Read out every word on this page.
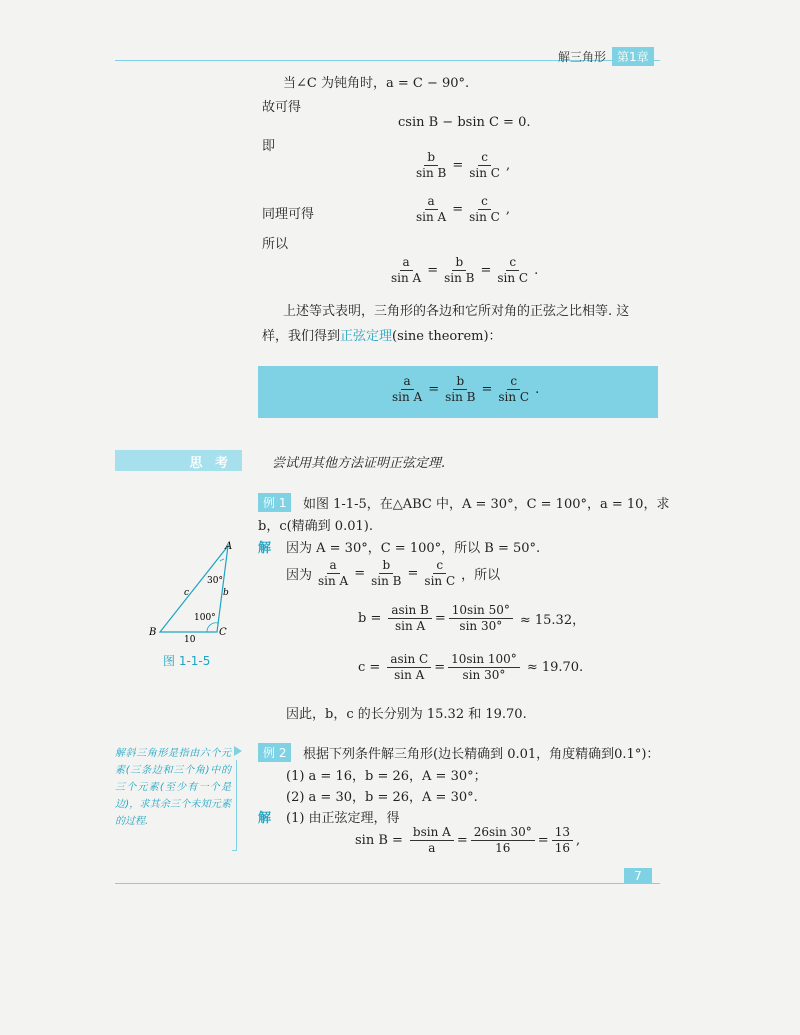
解三角形 第1章
当∠C 为钝角时，a = C − 90°.
故可得
csin B − bsin C = 0.
即
$\frac{b}{\text{sin B}} = \frac{c}{\text{sin C}}$ ,
同理可得	$\frac{a}{\text{sin A}} = \frac{c}{\text{sin C}}$ ,
所以
$\frac{a}{\text{sin A}} = \frac{b}{\text{sin B}} = \frac{c}{\text{sin C}}$ .
上述等式表明，三角形的各边和它所对角的正弦之比相等. 这
样，我们得到正弦定理(sine theorem)：
$\frac{a}{\text{sin A}} = \frac{b}{\text{sin B}} = \frac{c}{\text{sin C}}$ .
思 考	尝试用其他方法证明正弦定理.
例 1	如图 1-1-5，在△ABC 中，A = 30°，C = 100°，a = 10，求
b，c(精确到 0.01).
解 因为 A = 30°，C = 100°，所以 B = 50°.
因为 $\frac{a}{\text{sin A}} = \frac{b}{\text{sin B}} = \frac{c}{\text{sin C}}$ ，所以
$b = \frac{\text{asin B}}{\text{sin A}} = \frac{10\sin 50^\circ}{\sin 30^\circ} \approx 15.32$，
$c = \frac{\text{asin C}}{\text{sin A}} = \frac{10\sin 100^\circ}{\sin 30^\circ} \approx 19.70$.
因此，b，c 的长分别为 15.32 和 19.70.
例 2	根据下列条件解三角形(边长精确到 0.01，角度精确到0.1°)：
(1) a = 16，b = 26，A = 30°；
(2) a = 30，b = 26，A = 30°.
解 (1) 由正弦定理，得
$\sin B = \frac{\text{bsin A}}{a} = \frac{26\sin 30^\circ}{16} = \frac{13}{16}$ ,
A
B	C
30°
100°
c	b
10
图 1-1-5
解斜三角形是指由六个元素(三条边和三个角)中的三个元素(至少有一个是边)，求其余三个未知元素的过程.
7
